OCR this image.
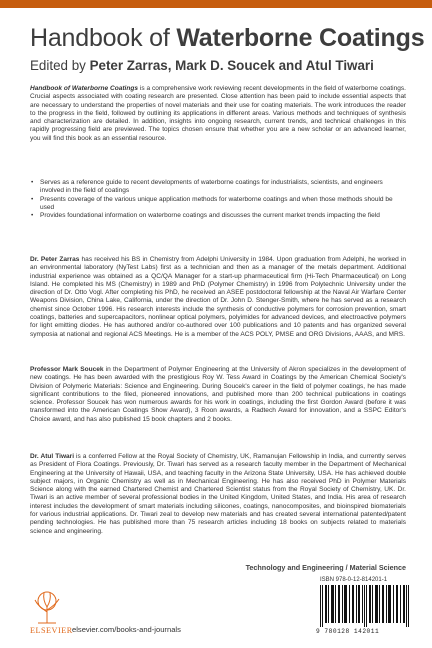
Handbook of Waterborne Coatings

Edited by Peter Zarras, Mark D. Soucek and Atul Tiwari

Handbook of Waterborne Coatings is a comprehensive work reviewing recent developments in the field of waterborne coatings. Crucial aspects associated with coating research are presented. Close attention has been paid to include essential aspects that are necessary to understand the properties of novel materials and their use for coating materials. The work introduces the reader to the progress in the field, followed by outlining its applications in different areas. Various methods and techniques of synthesis and characterization are detailed. In addition, insights into ongoing research, current trends, and technical challenges in this rapidly progressing field are previewed. The topics chosen ensure that whether you are a new scholar or an advanced learner, you will find this book as an essential resource.

• Serves as a reference guide to recent developments of waterborne coatings for industrialists, scientists, and engineers involved in the field of coatings
• Presents coverage of the various unique application methods for waterborne coatings and when those methods should be used
• Provides foundational information on waterborne coatings and discusses the current market trends impacting the field

Dr. Peter Zarras has received his BS in Chemistry from Adelphi University in 1984. Upon graduation from Adelphi, he worked in an environmental laboratory (NyTest Labs) first as a technician and then as a manager of the metals department. Additional industrial experience was obtained as a QC/QA Manager for a start-up pharmaceutical firm (Hi-Tech Pharmaceutical) on Long Island. He completed his MS (Chemistry) in 1989 and PhD (Polymer Chemistry) in 1996 from Polytechnic University under the direction of Dr. Otto Vogl. After completing his PhD, he received an ASEE postdoctoral fellowship at the Naval Air Warfare Center Weapons Division, China Lake, California, under the direction of Dr. John D. Stenger-Smith, where he has served as a research chemist since October 1996. His research interests include the synthesis of conductive polymers for corrosion prevention, smart coatings, batteries and supercapacitors, nonlinear optical polymers, polyimides for advanced devices, and electroactive polymers for light emitting diodes. He has authored and/or co-authored over 100 publications and 10 patents and has organized several symposia at national and regional ACS Meetings. He is a member of the ACS POLY, PMSE and ORG Divisions, AAAS, and MRS.

Professor Mark Soucek in the Department of Polymer Engineering at the University of Akron specializes in the development of new coatings. He has been awarded with the prestigious Roy W. Tess Award in Coatings by the American Chemical Society's Division of Polymeric Materials: Science and Engineering. During Soucek's career in the field of polymer coatings, he has made significant contributions to the filed, pioneered innovations, and published more than 200 technical publications in coatings science. Professor Soucek has won numerous awards for his work in coatings, including the first Gordon Award (before it was transformed into the American Coatings Show Award), 3 Roon awards, a Radtech Award for innovation, and a SSPC Editor's Choice award, and has also published 15 book chapters and 2 books.

Dr. Atul Tiwari is a conferred Fellow at the Royal Society of Chemistry, UK, Ramanujan Fellowship in India, and currently serves as President of Flora Coatings. Previously, Dr. Tiwari has served as a research faculty member in the Department of Mechanical Engineering at the University of Hawaii, USA, and teaching faculty in the Arizona State University, USA. He has achieved double subject majors, in Organic Chemistry as well as in Mechanical Engineering. He has also received PhD in Polymer Materials Science along with the earned Chartered Chemist and Chartered Scientist status from the Royal Society of Chemistry, UK. Dr. Tiwari is an active member of several professional bodies in the United Kingdom, United States, and India. His area of research interest includes the development of smart materials including silicones, coatings, nanocomposites, and bioinspired biomaterials for various industrial applications. Dr. Tiwari zeal to develop new materials and has created several international patented/patent pending technologies. He has published more than 75 research articles including 18 books on subjects related to materials science and engineering.

Technology and Engineering / Material Science

ISBN 978-0-12-814201-1
9 780128 142011
ELSEVIER elsevier.com/books-and-journals
